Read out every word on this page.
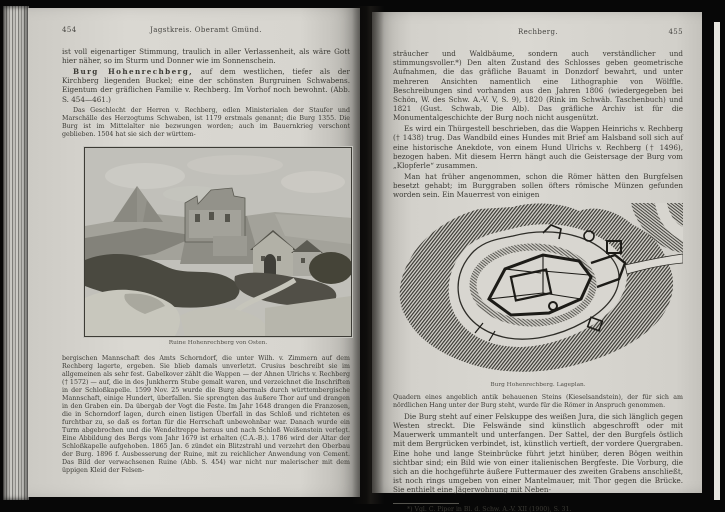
454	Jagstkreis. Oberamt Gmünd.

ist voll eigenartiger Stimmung, traulich in aller Verlassenheit, als wäre Gott hier näher, so im Sturm und Donner wie im Sonnenschein.

Burg Hohenrechberg, auf dem westlichen, tiefer als der Kirchberg liegenden Buckel; eine der schönsten Burgruinen Schwabens. Eigentum der gräflichen Familie v. Rechberg. Im Vorhof noch bewohnt. (Abb. S. 454—461.)

Das Geschlecht der Herren v. Rechberg, edlen Ministerialen der Staufer und Marschälle des Herzogtums Schwaben, ist 1179 erstmals genannt; die Burg 1355. Die Burg ist im Mittelalter nie bezwungen worden; auch im Bauernkrieg verschont geblieben. 1504 hat sie sich der württem-

Ruine Hohenrechberg von Osten.

bergischen Mannschaft des Amts Schorndorf, die unter Wilh. v. Zimmern auf dem Rechberg lagerte, ergeben. Sie blieb damals unverletzt. Crusius beschreibt sie im allgemeinen als sehr fest. Gabelkover zählt die Wappen — der Ahnen Ulrichs v. Rechberg († 1572) — auf, die in des Junkherrn Stube gemalt waren, und verzeichnet die Inschriften in der Schloßkapelle. 1599 Nov. 25 wurde die Burg abermals durch württembergische Mannschaft, einige Hundert, überfallen. Sie sprengten das äußere Thor auf und drangen in den Graben ein. Da übergab der Vogt die Feste. Im Jahr 1648 drangen die Franzosen, die in Schorndorf lagen, durch einen listigen Überfall in das Schloß und richteten es furchtbar zu, so daß es fortan für die Herrschaft unbewohnbar war. Danach wurde ein Turm abgebrochen und die Wendeltreppe heraus und nach Schloß Weißenstein verlegt. Eine Abbildung des Bergs vom Jahr 1679 ist erhalten (C.A.-B.). 1786 wird der Altar der Schloßkapelle aufgehoben. 1865 Jan. 6 zündet ein Blitzstrahl und verzehrt den Oberbau der Burg. 1896 f. Ausbesserung der Ruine, mit zu reichlicher Anwendung von Cement. Das Bild der verwachsenen Ruine (Abb. S. 454) war nicht nur malerischer mit dem üppigen Kleid der Felsen-

Rechberg.	455

sträucher und Waldbäume, sondern auch verständlicher und stimmungsvoller.*) Den alten Zustand des Schlosses geben geometrische Aufnahmen, die das gräfliche Bauamt in Donzdorf bewahrt, und unter mehreren Ansichten namentlich eine Lithographie von Wölffle. Beschreibungen sind vorhanden aus den Jahren 1806 (wiedergegeben bei Schön, W. des Schw. A.-V. V, S. 9), 1820 (Rink im Schwäb. Taschenbuch) und 1821 (Gust. Schwab, Die Alb). Das gräfliche Archiv ist für die Monumentalgeschichte der Burg noch nicht ausgenützt.

Es wird ein Thürgestell beschrieben, das die Wappen Heinrichs v. Rechberg († 1438) trug. Das Wandbild eines Hundes mit Brief am Halsband soll sich auf eine historische Anekdote, von einem Hund Ulrichs v. Rechberg († 1496), bezogen haben. Mit diesem Herrn hängt auch die Geistersage der Burg vom „Klopferle“ zusammen.

Man hat früher angenommen, schon die Römer hätten den Burgfelsen besetzt gehabt; im Burggraben sollen öfters römische Münzen gefunden worden sein. Ein Mauerrest von einigen

Burg Hohenrechberg. Lageplan.

Quadern eines angeblich antik behauenen Steins (Kieselsandstein), der für sich am nördlichen Hang unter der Burg steht, wurde für die Römer in Anspruch genommen.

Die Burg steht auf einer Felskuppe des weißen Jura, die sich länglich gegen Westen streckt. Die Felswände sind künstlich abgeschrofft oder mit Mauerwerk ummantelt und unterfangen. Der Sattel, der den Burgfels östlich mit dem Bergrücken verbindet, ist, künstlich vertieft, der vordere Quergraben. Eine hohe und lange Steinbrücke führt jetzt hinüber, deren Bögen weithin sichtbar sind; ein Bild wie von einer italienischen Bergfeste. Die Vorburg, die sich an die hochgeführte äußere Futtermauer des zweiten Grabens anschließt, ist noch rings umgeben von einer Mantelmauer, mit Thor gegen die Brücke. Sie enthielt eine Jägerwohnung mit Neben-

*) Vgl. C. Piper in Bl. d. Schw. A.-V. XII (1900), S. 31.
